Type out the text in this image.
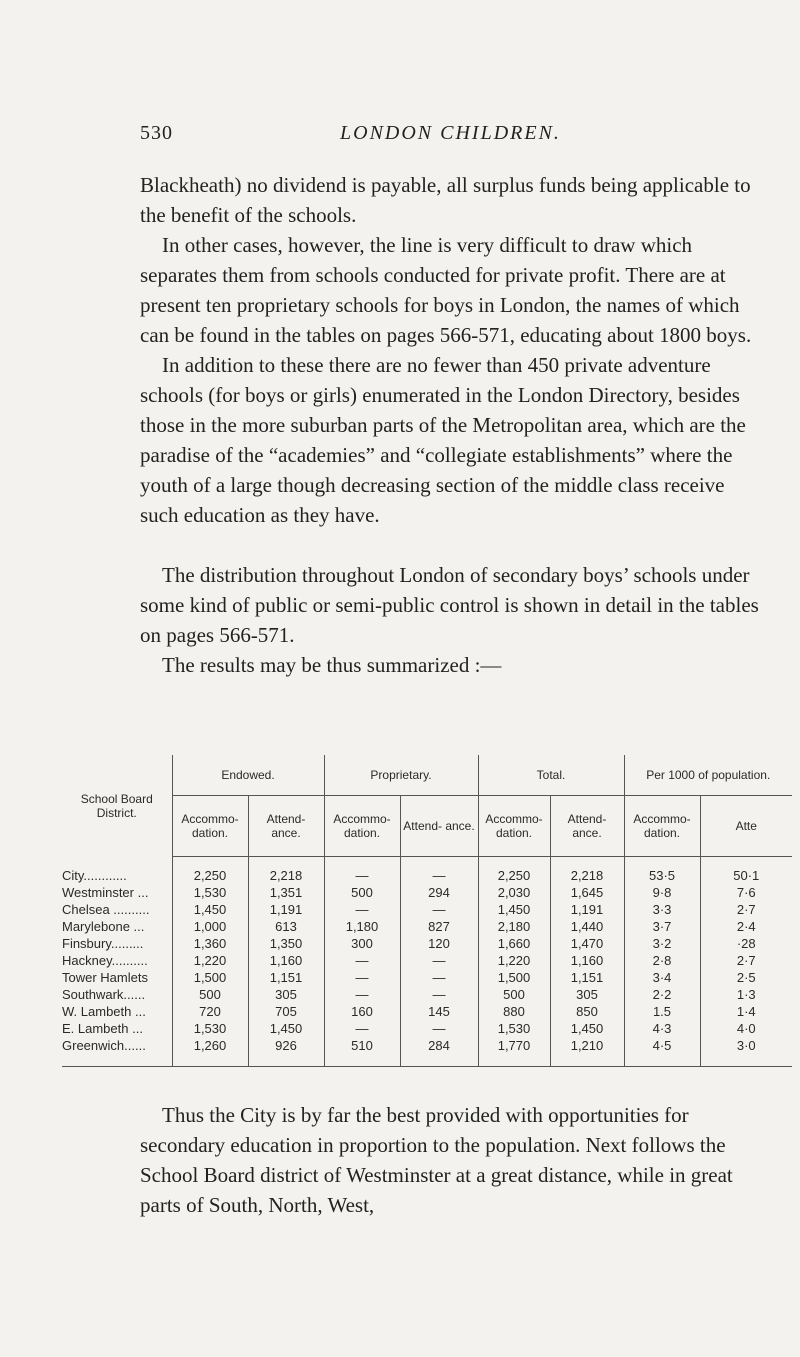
530	LONDON CHILDREN.

Blackheath) no dividend is payable, all surplus funds being applicable to the benefit of the schools.

In other cases, however, the line is very difficult to draw which separates them from schools conducted for private profit. There are at present ten proprietary schools for boys in London, the names of which can be found in the tables on pages 566-571, educating about 1800 boys.

In addition to these there are no fewer than 450 private adventure schools (for boys or girls) enumerated in the London Directory, besides those in the more suburban parts of the Metropolitan area, which are the paradise of the “academies” and “collegiate establishments” where the youth of a large though decreasing section of the middle class receive such education as they have.

The distribution throughout London of secondary boys’ schools under some kind of public or semi-public control is shown in detail in the tables on pages 566-571.

The results may be thus summarized :—

School Board District.	Endowed.		Proprietary.		Total.		Per 1000 of population.	
	Accommo- dation.	Attend- ance.	Accommo- dation.	Attend- ance.	Accommo- dation.	Attend- ance.	Accommo- dation.	Atte
City............	2,250	2,218	—	—	2,250	2,218	53·5	50·1
Westminster ...	1,530	1,351	500	294	2,030	1,645	9·8	7·6
Chelsea ..........	1,450	1,191	—	—	1,450	1,191	3·3	2·7
Marylebone ...	1,000	613	1,180	827	2,180	1,440	3·7	2·4
Finsbury.........	1,360	1,350	300	120	1,660	1,470	3·2	·28
Hackney..........	1,220	1,160	—	—	1,220	1,160	2·8	2·7
Tower Hamlets	1,500	1,151	—	—	1,500	1,151	3·4	2·5
Southwark......	500	305	—	—	500	305	2·2	1·3
W. Lambeth ...	720	705	160	145	880	850	1.5	1·4
E. Lambeth ...	1,530	1,450	—	—	1,530	1,450	4·3	4·0
Greenwich......	1,260	926	510	284	1,770	1,210	4·5	3·0

Thus the City is by far the best provided with opportunities for secondary education in proportion to the population. Next follows the School Board district of Westminster at a great distance, while in great parts of South, North, West,
